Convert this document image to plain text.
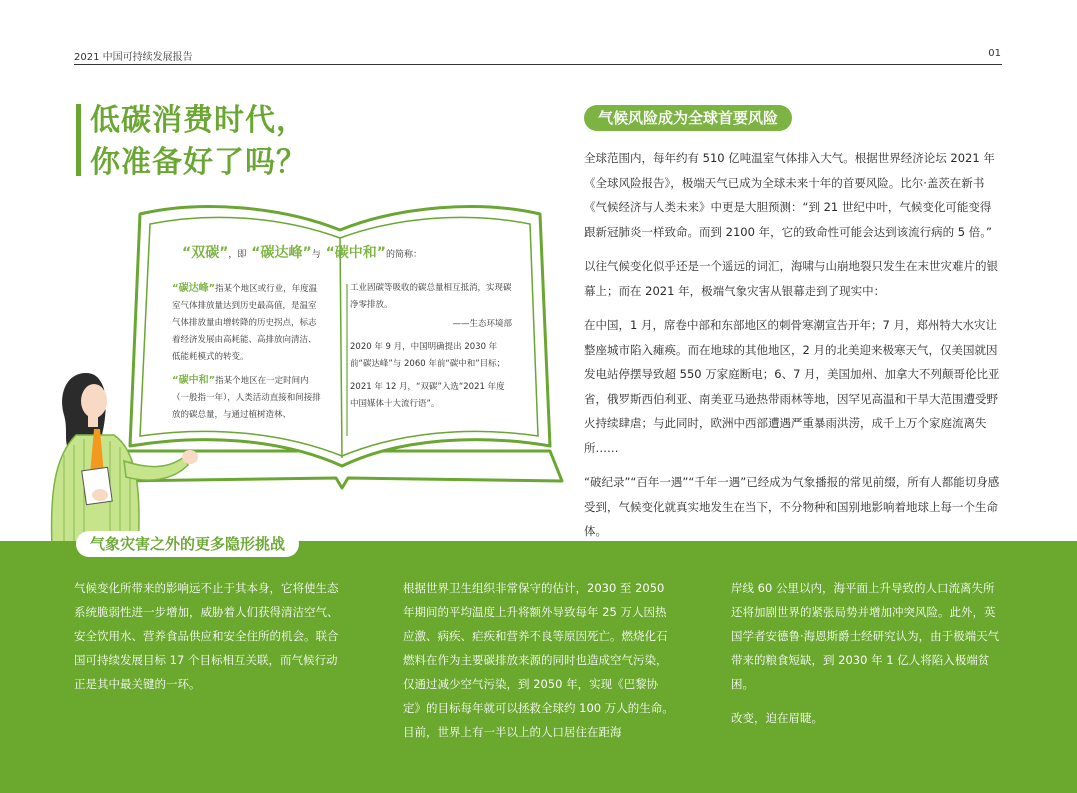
2021 中国可持续发展报告	01
低碳消费时代，
你准备好了吗？
“双碳”，即 “碳达峰”与 “碳中和”的简称：

“碳达峰”指某个地区或行业，年度温室气体排放量达到历史最高值，是温室气体排放量由增转降的历史拐点，标志着经济发展由高耗能、高排放向清洁、低能耗模式的转变。

“碳中和”指某个地区在一定时间内（一般指一年），人类活动直接和间接排放的碳总量，与通过植树造林、

工业固碳等吸收的碳总量相互抵消，实现碳净零排放。

——生态环境部

2020 年 9 月，中国明确提出 2030 年前“碳达峰”与 2060 年前“碳中和”目标；

2021 年 12 月，“双碳”入选“2021 年度中国媒体十大流行语”。

气候风险成为全球首要风险

全球范围内，每年约有 510 亿吨温室气体排入大气。根据世界经济论坛 2021 年《全球风险报告》，极端天气已成为全球未来十年的首要风险。比尔·盖茨在新书《气候经济与人类未来》中更是大胆预测：“到 21 世纪中叶，气候变化可能变得跟新冠肺炎一样致命。而到 2100 年，它的致命性可能会达到该流行病的 5 倍。”

以往气候变化似乎还是一个遥远的词汇，海啸与山崩地裂只发生在末世灾难片的银幕上；而在 2021 年，极端气象灾害从银幕走到了现实中：

在中国，1 月，席卷中部和东部地区的刺骨寒潮宣告开年；7 月，郑州特大水灾让整座城市陷入瘫痪。而在地球的其他地区，2 月的北美迎来极寒天气，仅美国就因发电站停摆导致超 550 万家庭断电；6、7 月，美国加州、加拿大不列颠哥伦比亚省，俄罗斯西伯利亚、南美亚马逊热带雨林等地，因罕见高温和干旱大范围遭受野火持续肆虐；与此同时，欧洲中西部遭遇严重暴雨洪涝，成千上万个家庭流离失所……

“破纪录”“百年一遇”“千年一遇”已经成为气象播报的常见前缀，所有人都能切身感受到，气候变化就真实地发生在当下，不分物种和国别地影响着地球上每一个生命体。

气象灾害之外的更多隐形挑战

气候变化所带来的影响远不止于其本身，它将使生态系统脆弱性进一步增加，威胁着人们获得清洁空气、安全饮用水、营养食品供应和安全住所的机会。联合国可持续发展目标 17 个目标相互关联，而气候行动正是其中最关键的一环。

根据世界卫生组织非常保守的估计，2030 至 2050 年期间的平均温度上升将额外导致每年 25 万人因热应激、病疾、疟疾和营养不良等原因死亡。燃烧化石燃料在作为主要碳排放来源的同时也造成空气污染，仅通过减少空气污染，到 2050 年，实现《巴黎协定》的目标每年就可以拯救全球约 100 万人的生命。目前，世界上有一半以上的人口居住在距海

岸线 60 公里以内，海平面上升导致的人口流离失所还将加剧世界的紧张局势并增加冲突风险。此外，英国学者安德鲁·海恩斯爵士经研究认为，由于极端天气带来的粮食短缺，到 2030 年 1 亿人将陷入极端贫困。

改变，迫在眉睫。
